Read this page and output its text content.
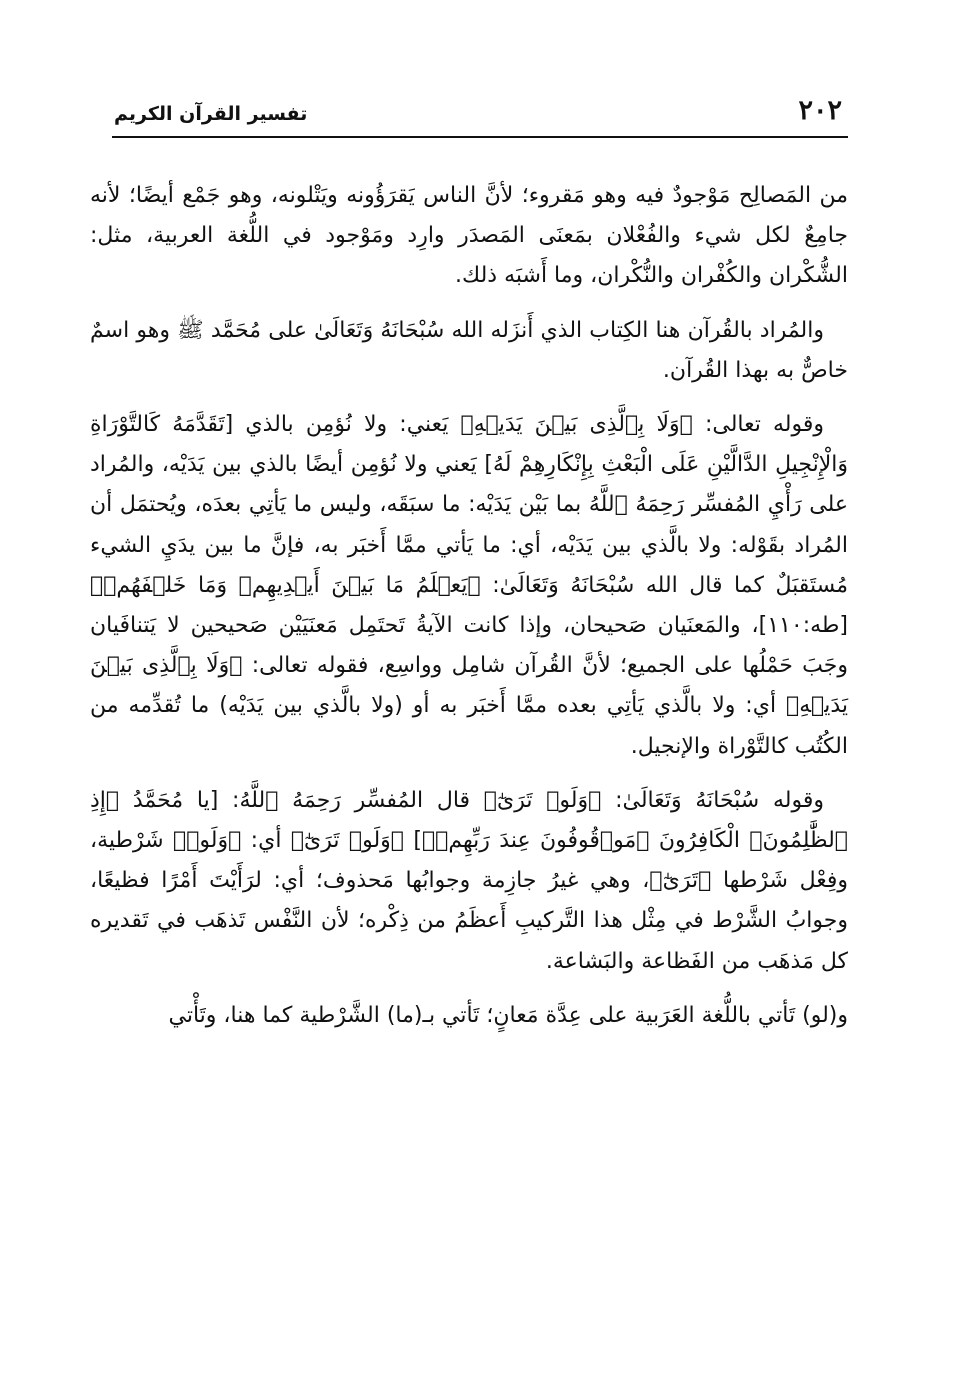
٢٠٢
تفسير القرآن الكريم

من المَصالِح مَوْجودٌ فيه وهو مَقروء؛ لأنَّ الناس يَقرَؤُونه ويَتْلونه، وهو جَمْع أيضًا؛ لأنه جامِعٌ لكل شيء والفُعْلان بمَعنَى المَصدَر وارِد ومَوْجود في اللُّغة العربية، مثل: الشُّكْران والكُفْران والنُّكْران، وما أَشبَه ذلك.

والمُراد بالقُرآن هنا الكِتاب الذي أَنزَله الله سُبْحَانَهُ وَتَعَالَىٰ على مُحَمَّد ﷺ وهو اسمٌ خاصٌّ به بهذا القُرآن.

وقوله تعالى: ﴿وَلَا بِٱلَّذِى بَيۡنَ يَدَيۡهِ﴾ يَعني: ولا نُؤمِن بالذي [تَقَدَّمَهُ كَالتَّوْرَاةِ وَالْإِنْجِيلِ الدَّالَّيْنِ عَلَى الْبَعْثِ بِإِنْكَارِهِمْ لَهُ] يَعني ولا نُؤمِن أيضًا بالذي بين يَدَيْه، والمُراد على رَأْيِ المُفسِّر رَحِمَهُ ٱللَّهُ بما بَيْن يَدَيْه: ما سبَقَه، وليس ما يَأتِي بعدَه، ويُحتمَل أن المُراد بقَوْله: ولا بالَّذي بين يَدَيْه، أي: ما يَأتي ممَّا أَخبَر به، فإنَّ ما بين يدَيِ الشيء مُستَقبَلٌ كما قال الله سُبْحَانَهُ وَتَعَالَىٰ: ﴿يَعۡلَمُ مَا بَيۡنَ أَيۡدِيهِمۡ وَمَا خَلۡفَهُمۡ﴾ [طه:١١٠]، والمَعنَيان صَحيحان، وإذا كانت الآيةُ تَحتَمِل مَعنَيَيْن صَحيحين لا يَتنافَيان وجَبَ حَمْلُها على الجميع؛ لأنَّ القُرآن شامِل وواسِع، فقوله تعالى: ﴿وَلَا بِٱلَّذِى بَيۡنَ يَدَيۡهِ﴾ أي: ولا بالَّذي يَأتِي بعده ممَّا أَخبَر به أو (ولا بالَّذي بين يَدَيْه) ما تُقدِّمه من الكُتُب كالتَّوْراة والإنجيل.

وقوله سُبْحَانَهُ وَتَعَالَىٰ: ﴿وَلَوۡ تَرَىٰٓ﴾ قال المُفسِّر رَحِمَهُ ٱللَّهُ: [يا مُحَمَّدُ ﴿إِذِ ٱلظَّٰلِمُونَ﴾ الْكَافِرُونَ ﴿مَوۡقُوفُونَ عِندَ رَبِّهِمۡ﴾] ﴿وَلَوۡ تَرَىٰٓ﴾ أي: ﴿وَلَوۡ﴾ شَرْطية، وفِعْل شَرْطها ﴿تَرَىٰٓ﴾، وهي غيرُ جازِمة وجوابُها مَحذوف؛ أي: لرَأَيْتَ أَمْرًا فظيعًا، وجوابُ الشَّرْط في مِثْل هذا التَّركيبِ أَعظَمُ من ذِكْره؛ لأن النَّفْس تَذهَب في تَقديره كل مَذهَب من الفَظاعة والبَشاعة.

و(لو) تَأتي باللُّغة العَرَبية على عِدَّة مَعانٍ؛ تَأتي بـ(ما) الشَّرْطية كما هنا، وتَأْتي
